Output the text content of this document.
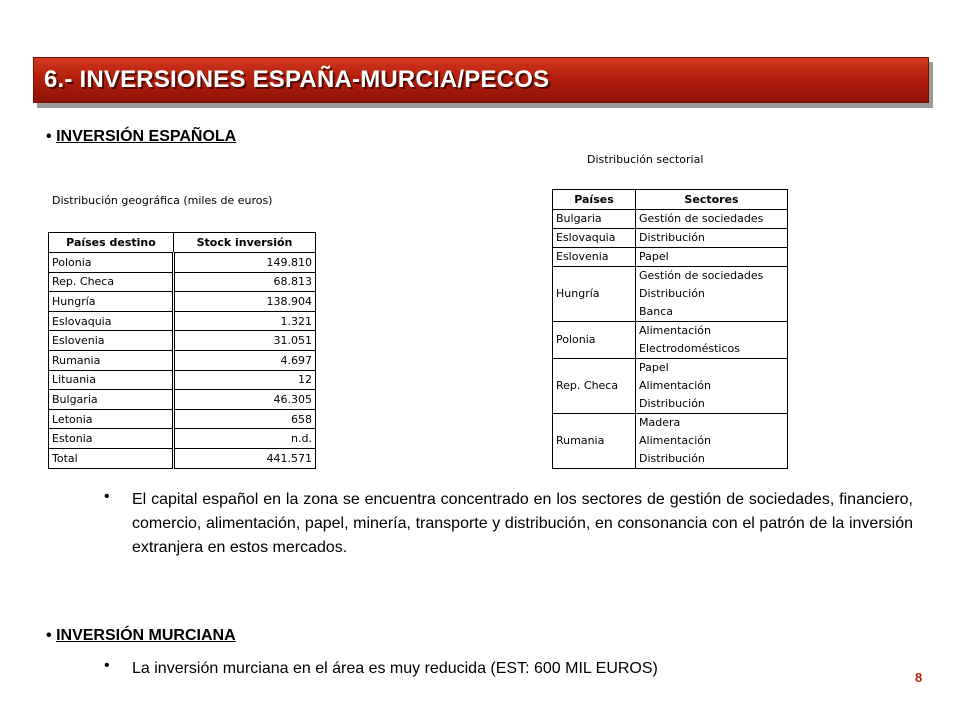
6.- INVERSIONES ESPAÑA-MURCIA/PECOS
• INVERSIÓN ESPAÑOLA
Distribución sectorial
Distribución geográfica (miles de euros)
Países destino	Stock inversión
Polonia	149.810
Rep. Checa	68.813
Hungría	138.904
Eslovaquia	1.321
Eslovenia	31.051
Rumania	4.697
Lituania	12
Bulgaria	46.305
Letonia	658
Estonia	n.d.
Total	441.571
Países	Sectores
Bulgaria	Gestión de sociedades

Eslovaquia	Distribución

Eslovenia	Papel

Hungría	Gestión de sociedades
Distribución
Banca

Polonia	Alimentación
Electrodomésticos

Rep. Checa	Papel
Alimentación
Distribución

Rumania	Madera
Alimentación
Distribución
• El capital español en la zona se encuentra concentrado en los sectores de gestión de sociedades, financiero, comercio, alimentación, papel, minería, transporte y distribución, en consonancia con el patrón de la inversión extranjera en estos mercados.
• INVERSIÓN MURCIANA
• La inversión murciana en el área es muy reducida (EST: 600 MIL EUROS)
8
